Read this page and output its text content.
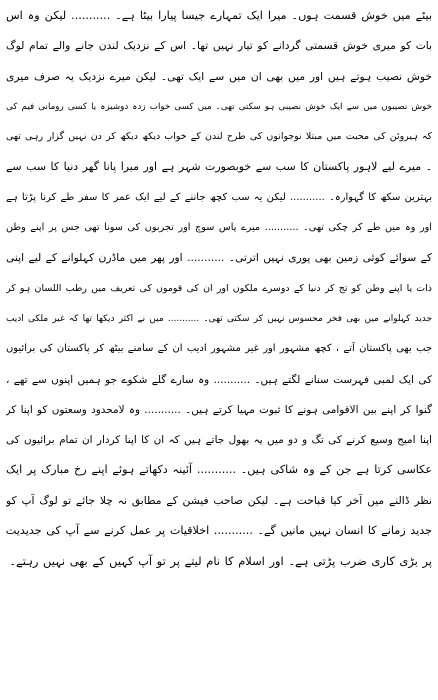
بیٹے میں خوش قسمت ہوں۔ میرا ایک تمہارے جیسا پیارا بیٹا ہے۔ ........... لیکن وہ اس
بات کو میری خوش قسمتی گردانے کو تیار نہیں تھا۔ اس کے نزدیک لندن جانے والے تمام لوگ
خوش نصیب ہوتے ہیں اور میں بھی ان میں سے ایک تھی۔ لیکن میرے نزدیک یہ صرف میری
خوش نصیبوں میں سے ایک خوش نصیبی ہو سکتی تھی۔ میں کسی خواب زدہ دوشیزہ یا کسی رومانی فیم کی
کہ ہیروئن کی محبت میں مبتلا نوجوانوں کی طرح لندن کے خواب دیکھ دیکھ کر دن نہیں گزار رہی تھی
۔ میرے لیے لاہور پاکستان کا سب سے خوبصورت شہر ہے اور میرا پانا گھر دنیا کا سب سے
بہترین سکھ کا گہوارہ۔ ........... لیکن یہ سب کچھ جاننے کے لیے ایک عمر کا سفر طے کرنا پڑتا ہے
اور وہ میں طے کر چکی تھی۔ ........... میرے پاس سوچ اور تجربوں کی سونا تھی جس پر اپنے وطن
کے سوائے کوئی زمین بھی پوری نہیں اترتی۔ ........... اور پھر میں ماڈرن کہلوانے کے لیے اپنی
ذات یا اپنے وطن کو تج کر دنیا کے دوسرے ملکوں اور ان کی قوموں کی تعریف میں رطب اللسان ہو کر
جدید کہلوانے میں بھی فخر محسوس نہیں کر سکتی تھی۔ ........... میں نے اکثر دیکھا تھا کہ غیر ملکی ادیب
جب بھی پاکستان آتے ، کچھ مشہور اور غیر مشہور ادیب ان کے سامنے بیٹھ کر پاکستان کی برائیوں
کی ایک لمبی فہرست سنانے لگتے ہیں۔ ........... وہ سارے گلے شکوے جو ہمیں اپنوں سے تھے ،
گنوا کر اپنے بین الاقوامی ہونے کا ثبوت مہیا کرتے ہیں۔ ........... وہ لامحدود وسعتوں کو اپنا کر
اپنا امیج وسیع کرنے کی تگ و دو میں یہ بھول جاتے ہیں کہ ان کا اپنا کردار ان تمام برائیوں کی
عکاسی کرتا ہے جن کے وہ شاکی ہیں۔ ........... آئینہ دکھاتے ہوئے اپنے رخ مبارک پر ایک
نظر ڈالنے میں آخر کیا قباحت ہے۔ لیکن صاحب فیشن کے مطابق نہ چلا جائے تو لوگ آپ کو
جدید زمانے کا انسان نہیں مانیں گے۔ ........... اخلاقیات پر عمل کرنے سے آپ کی جدیدیت
پر بڑی کاری ضرب پڑتی ہے۔ اور اسلام کا نام لیتے پر تو آپ کہیں کے بھی نہیں رہتے۔
